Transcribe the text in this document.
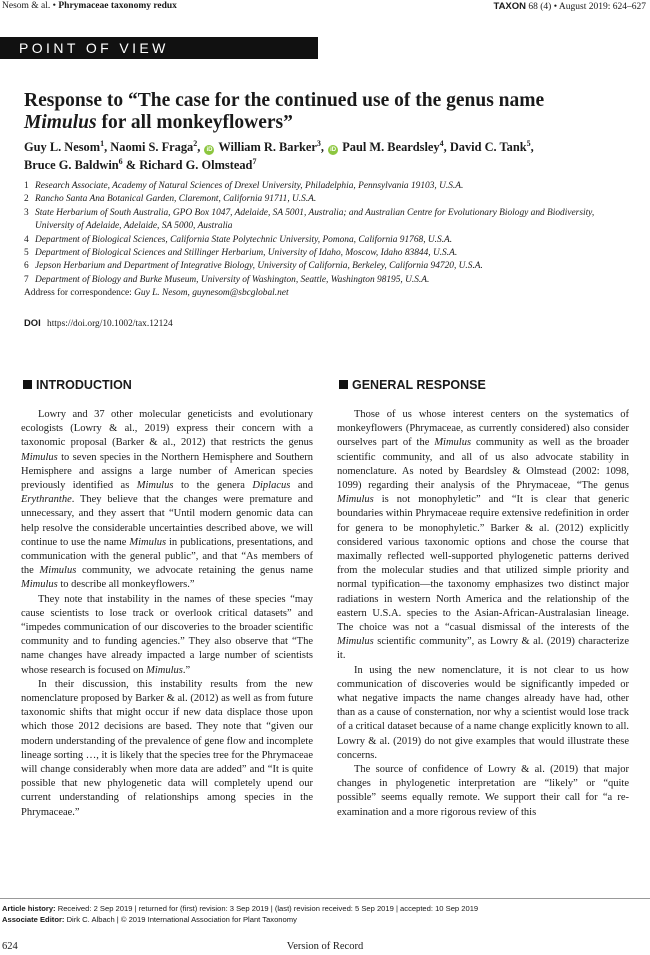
Nesom & al. • Phrymaceae taxonomy redux	TAXON 68 (4) • August 2019: 624–627
POINT OF VIEW
Response to “The case for the continued use of the genus name
Mimulus for all monkeyflowers”
Guy L. Nesom$^1$, Naomi S. Fraga$^2$, iD William R. Barker$^3$, iD Paul M. Beardsley$^4$, David C. Tank$^5$,
Bruce G. Baldwin$^6$ & Richard G. Olmstead$^7$
1 Research Associate, Academy of Natural Sciences of Drexel University, Philadelphia, Pennsylvania 19103, U.S.A.
2 Rancho Santa Ana Botanical Garden, Claremont, California 91711, U.S.A.
3 State Herbarium of South Australia, GPO Box 1047, Adelaide, SA 5001, Australia; and Australian Centre for Evolutionary Biology and Biodiversity, University of Adelaide, Adelaide, SA 5000, Australia
4 Department of Biological Sciences, California State Polytechnic University, Pomona, California 91768, U.S.A.
5 Department of Biological Sciences and Stillinger Herbarium, University of Idaho, Moscow, Idaho 83844, U.S.A.
6 Jepson Herbarium and Department of Integrative Biology, University of California, Berkeley, California 94720, U.S.A.
7 Department of Biology and Burke Museum, University of Washington, Seattle, Washington 98195, U.S.A.
Address for correspondence: Guy L. Nesom, guynesom@sbcglobal.net
DOI https://doi.org/10.1002/tax.12124
INTRODUCTION	GENERAL RESPONSE

Lowry and 37 other molecular geneticists and evolutionary ecologists (Lowry & al., 2019) express their concern with a taxonomic proposal (Barker & al., 2012) that restricts the genus Mimulus to seven species in the Northern Hemisphere and Southern Hemisphere and assigns a large number of American species previously identified as Mimulus to the genera Diplacus and Erythranthe. They believe that the changes were premature and unnecessary, and they assert that “Until modern genomic data can help resolve the considerable uncertainties described above, we will continue to use the name Mimulus in publications, presentations, and communication with the general public”, and that “As members of the Mimulus community, we advocate retaining the genus name Mimulus to describe all monkeyflowers.”

They note that instability in the names of these species “may cause scientists to lose track or overlook critical datasets” and “impedes communication of our discoveries to the broader scientific community and to funding agencies.” They also observe that “The name changes have already impacted a large number of scientists whose research is focused on Mimulus.”

In their discussion, this instability results from the new nomenclature proposed by Barker & al. (2012) as well as from future taxonomic shifts that might occur if new data displace those upon which those 2012 decisions are based. They note that “given our modern understanding of the prevalence of gene flow and incomplete lineage sorting …, it is likely that the species tree for the Phrymaceae will change considerably when more data are added” and “It is quite possible that new phylogenetic data will completely upend our current understanding of relationships among species in the Phrymaceae.”

Those of us whose interest centers on the systematics of monkeyflowers (Phrymaceae, as currently considered) also consider ourselves part of the Mimulus community as well as the broader scientific community, and all of us also advocate stability in nomenclature. As noted by Beardsley & Olmstead (2002: 1098, 1099) regarding their analysis of the Phrymaceae, “The genus Mimulus is not monophyletic” and “It is clear that generic boundaries within Phrymaceae require extensive redefinition in order for genera to be monophyletic.” Barker & al. (2012) explicitly considered various taxonomic options and chose the course that maximally reflected well-supported phylogenetic patterns derived from the molecular studies and that utilized simple priority and normal typification—the taxonomy emphasizes two distinct major radiations in western North America and the relationship of the eastern U.S.A. species to the Asian-African-Australasian lineage. The choice was not a “casual dismissal of the interests of the Mimulus scientific community”, as Lowry & al. (2019) characterize it.

In using the new nomenclature, it is not clear to us how communication of discoveries would be significantly impeded or what negative impacts the name changes already have had, other than as a cause of consternation, nor why a scientist would lose track of a critical dataset because of a name change explicitly known to all. Lowry & al. (2019) do not give examples that would illustrate these concerns.

The source of confidence of Lowry & al. (2019) that major changes in phylogenetic interpretation are “likely” or “quite possible” seems equally remote. We support their call for “a re-examination and a more rigorous review of this

Article history: Received: 2 Sep 2019 | returned for (first) revision: 3 Sep 2019 | (last) revision received: 5 Sep 2019 | accepted: 10 Sep 2019
Associate Editor: Dirk C. Albach | © 2019 International Association for Plant Taxonomy
624	Version of Record
